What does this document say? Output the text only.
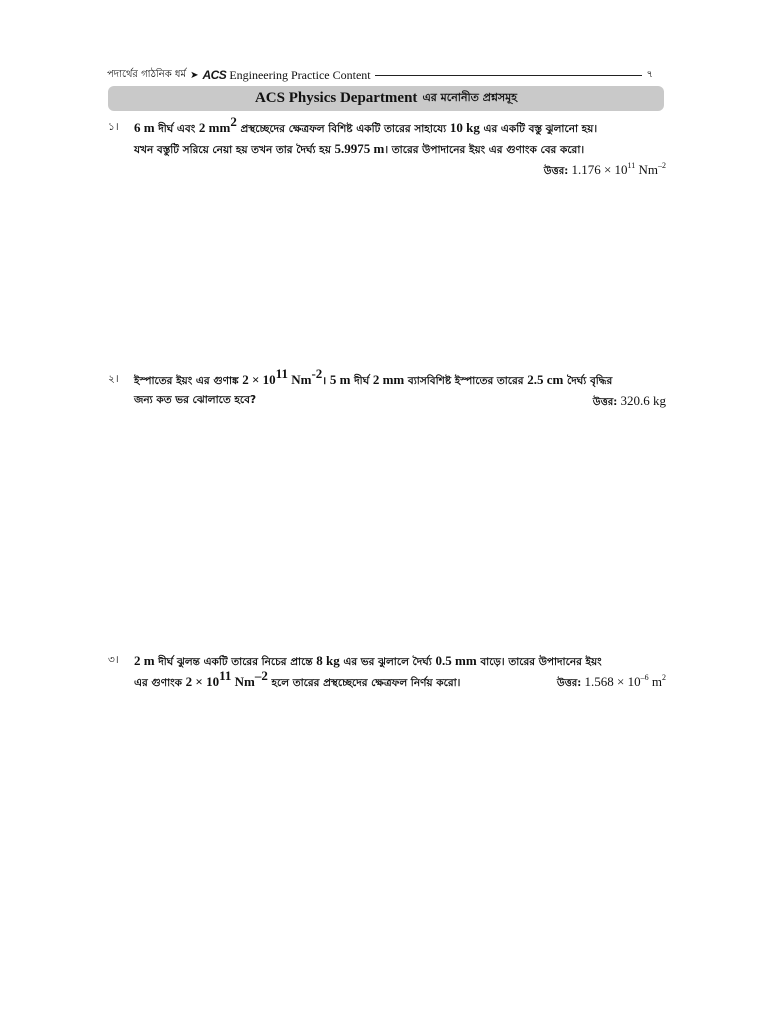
পদার্থের গাঠনিক ধর্ম ➤ ACS Engineering Practice Content	৭
ACS Physics Department এর মনোনীত প্রশ্নসমূহ
১। 6 m দীর্ঘ এবং 2 $mm^2$ প্রস্থচ্ছেদের ক্ষেত্রফল বিশিষ্ট একটি তারের সাহায্যে 10 kg এর একটি বস্তু ঝুলানো হয়।
যখন বস্তুটি সরিয়ে নেয়া হয় তখন তার দৈর্ঘ্য হয় 5.9975 m। তারের উপাদানের ইয়ং এর গুণাংক বের করো।
উত্তর: $1.176 \times 10^{11}$ $Nm^{-2}$
২। ইস্পাতের ইয়ং এর গুণাঙ্ক $2 \times 10^{11}$ $Nm^{-2}।$ 5 m দীর্ঘ 2 mm ব্যাসবিশিষ্ট ইস্পাতের তারের 2.5 cm দৈর্ঘ্য বৃদ্ধির
জন্য কত ভর ঝোলাতে হবে?	উত্তর: 320.6 kg
৩। 2 m দীর্ঘ ঝুলন্ত একটি তারের নিচের প্রান্তে 8 kg এর ভর ঝুলালে দৈর্ঘ্য 0.5 mm বাড়ে। তারের উপাদানের ইয়ং
এর গুণাংক $2 \times 10^{11}$ $Nm^{-2}$ হলে তারের প্রস্থচ্ছেদের ক্ষেত্রফল নির্ণয় করো।	উত্তর: $1.568 \times 10^{-6}$ $m^2$
